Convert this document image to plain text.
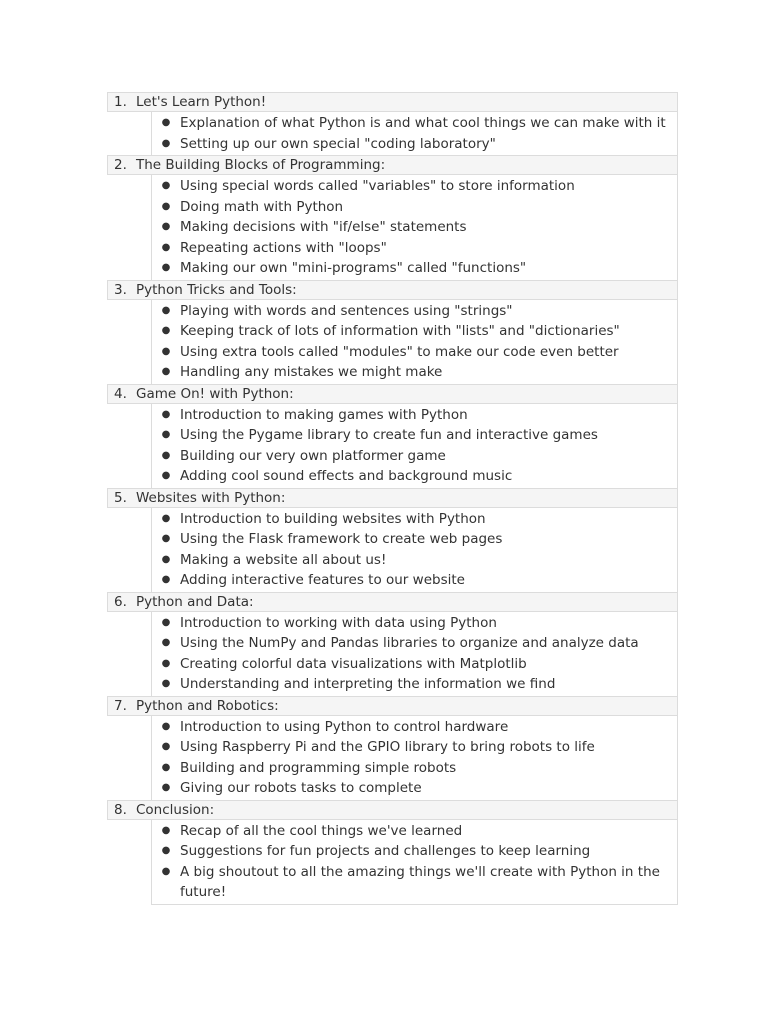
1. Let's Learn Python!
● Explanation of what Python is and what cool things we can make with it
● Setting up our own special "coding laboratory"
2. The Building Blocks of Programming:
● Using special words called "variables" to store information
● Doing math with Python
● Making decisions with "if/else" statements
● Repeating actions with "loops"
● Making our own "mini-programs" called "functions"
3. Python Tricks and Tools:
● Playing with words and sentences using "strings"
● Keeping track of lots of information with "lists" and "dictionaries"
● Using extra tools called "modules" to make our code even better
● Handling any mistakes we might make
4. Game On! with Python:
● Introduction to making games with Python
● Using the Pygame library to create fun and interactive games
● Building our very own platformer game
● Adding cool sound effects and background music
5. Websites with Python:
● Introduction to building websites with Python
● Using the Flask framework to create web pages
● Making a website all about us!
● Adding interactive features to our website
6. Python and Data:
● Introduction to working with data using Python
● Using the NumPy and Pandas libraries to organize and analyze data
● Creating colorful data visualizations with Matplotlib
● Understanding and interpreting the information we find
7. Python and Robotics:
● Introduction to using Python to control hardware
● Using Raspberry Pi and the GPIO library to bring robots to life
● Building and programming simple robots
● Giving our robots tasks to complete
8. Conclusion:
● Recap of all the cool things we've learned
● Suggestions for fun projects and challenges to keep learning
● A big shoutout to all the amazing things we'll create with Python in the future!
